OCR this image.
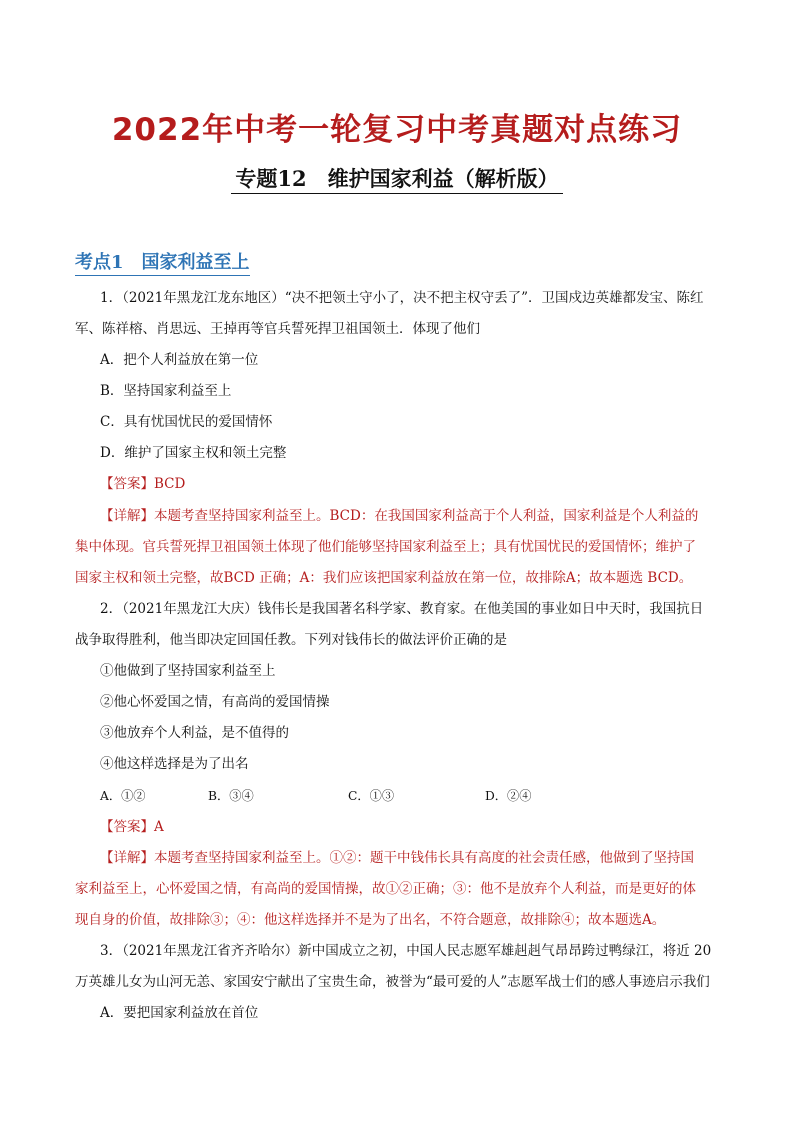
2022年中考一轮复习中考真题对点练习
专题12　维护国家利益（解析版）
考点1　国家利益至上
1．（2021年黑龙江龙东地区）“决不把领土守小了，决不把主权守丢了”．卫国戍边英雄都发宝、陈红
军、陈祥榕、肖思远、王掉再等官兵誓死捍卫祖国领土．体现了他们
A．把个人利益放在第一位
B．坚持国家利益至上
C．具有忧国忧民的爱国情怀
D．维护了国家主权和领土完整
【答案】BCD
【详解】本题考查坚持国家利益至上。BCD：在我国国家利益高于个人利益，国家利益是个人利益的
集中体现。官兵誓死捍卫祖国领土体现了他们能够坚持国家利益至上；具有忧国忧民的爱国情怀；维护了
国家主权和领土完整，故BCD 正确；A：我们应该把国家利益放在第一位，故排除A；故本题选 BCD。
2．（2021年黑龙江大庆）钱伟长是我国著名科学家、教育家。在他美国的事业如日中天时，我国抗日
战争取得胜利，他当即决定回国任教。下列对钱伟长的做法评价正确的是
①他做到了坚持国家利益至上
②他心怀爱国之情，有高尚的爱国情操
③他放弃个人利益，是不值得的
④他这样选择是为了出名
A．①②	B．③④	C．①③	D．②④
【答案】A
【详解】本题考查坚持国家利益至上。①②：题干中钱伟长具有高度的社会责任感，他做到了坚持国
家利益至上，心怀爱国之情，有高尚的爱国情操，故①②正确；③：他不是放弃个人利益，而是更好的体
现自身的价值，故排除③；④：他这样选择并不是为了出名，不符合题意，故排除④；故本题选A。
3．（2021年黑龙江省齐齐哈尔）新中国成立之初，中国人民志愿军雄赳赳气昂昂跨过鸭绿江，将近 20
万英雄儿女为山河无恙、家国安宁献出了宝贵生命，被誉为“最可爱的人”志愿军战士们的感人事迹启示我们
A．要把国家利益放在首位
